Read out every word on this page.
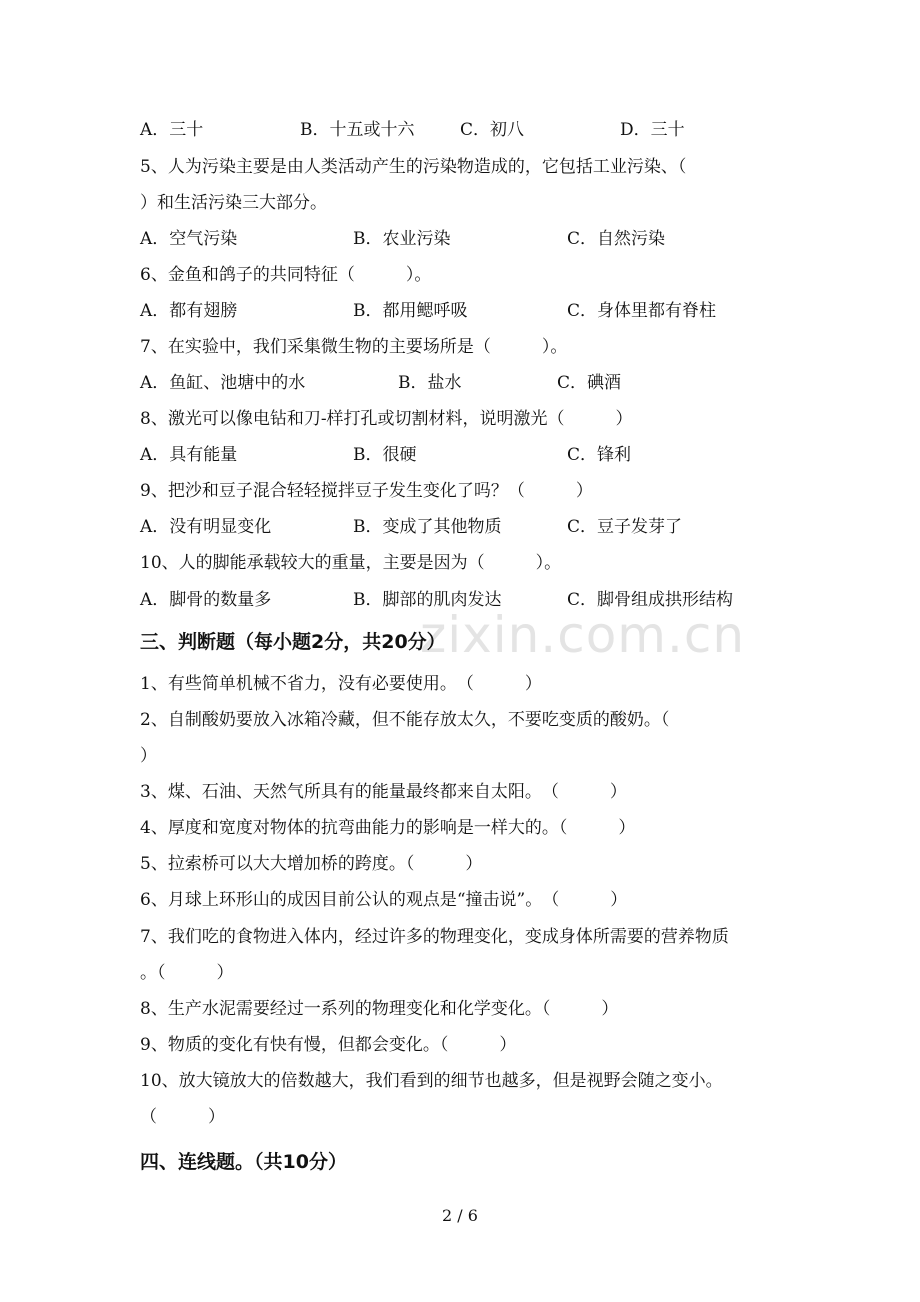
A．三十	B．十五或十六	C．初八	D．三十
5、人为污染主要是由人类活动产生的污染物造成的，它包括工业污染、（
）和生活污染三大部分。
A．空气污染	B．农业污染	C．自然污染
6、金鱼和鸽子的共同特征（　　　）。
A．都有翅膀	B．都用鳃呼吸	C．身体里都有脊柱
7、在实验中，我们采集微生物的主要场所是（　　　）。
A．鱼缸、池塘中的水	B．盐水	C．碘酒
8、激光可以像电钻和刀-样打孔或切割材料，说明激光（　　　）
A．具有能量	B．很硬	C．锋利
9、把沙和豆子混合轻轻搅拌豆子发生变化了吗？（　　　）
A．没有明显变化	B．变成了其他物质	C．豆子发芽了
10、人的脚能承载较大的重量，主要是因为（　　　）。
A．脚骨的数量多	B．脚部的肌肉发达	C．脚骨组成拱形结构
zixin.com.cn
三、判断题（每小题2分，共20分）
1、有些简单机械不省力，没有必要使用。　（　　　）
2、自制酸奶要放入冰箱冷藏，但不能存放太久，不要吃变质的酸奶。（
）
3、煤、石油、天然气所具有的能量最终都来自太阳。　（　　　）
4、厚度和宽度对物体的抗弯曲能力的影响是一样大的。（　　　）
5、拉索桥可以大大增加桥的跨度。（　　　）
6、月球上环形山的成因目前公认的观点是“撞击说”。　（　　　）
7、我们吃的食物进入体内，经过许多的物理变化，变成身体所需要的营养物质
。（　　　）
8、生产水泥需要经过一系列的物理变化和化学变化。（　　　）
9、物质的变化有快有慢，但都会变化。（　　　）
10、放大镜放大的倍数越大，我们看到的细节也越多，但是视野会随之变小。
（　　　）
四、连线题。（共10分）
2 / 6
